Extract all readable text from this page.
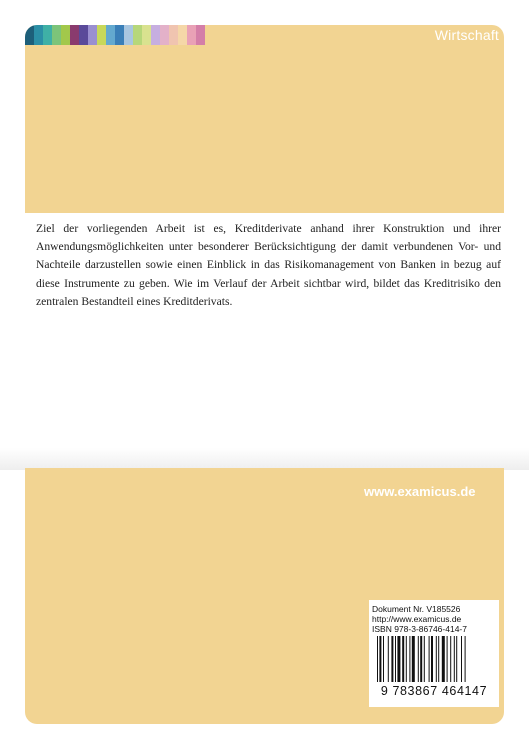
Wirtschaft

Ziel der vorliegenden Arbeit ist es, Kreditderivate anhand ihrer Konstruktion und ihrer Anwendungsmöglichkeiten unter besonderer Berücksichtigung der damit verbundenen Vor- und Nachteile darzustellen sowie einen Einblick in das Risikomanagement von Banken in bezug auf diese Instrumente zu geben. Wie im Verlauf der Arbeit sichtbar wird, bildet das Kreditrisiko den zentralen Bestandteil eines Kreditderivats.

www.examicus.de
Dokument Nr. V185526
http://www.examicus.de
ISBN 978-3-86746-414-7
9 783867 464147
